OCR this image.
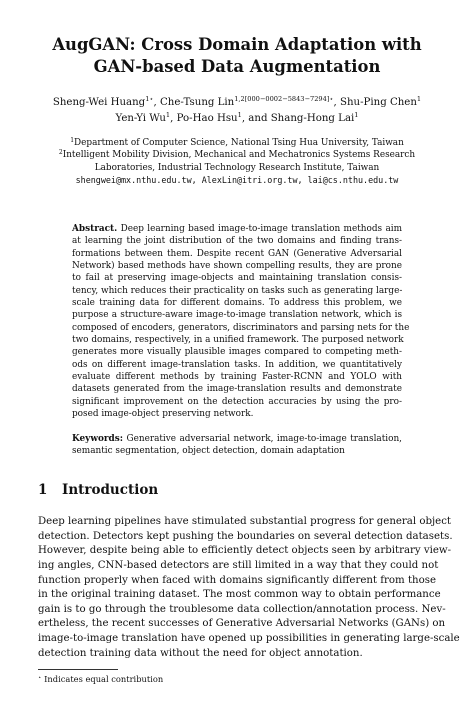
AugGAN: Cross Domain Adaptation with
GAN-based Data Augmentation
Sheng-Wei Huang$^{1⋆}$, Che-Tsung Lin$^{1,2[000-0002-5843-7294]⋆}$, Shu-Ping Chen$^1$
Yen-Yi Wu$^1$, Po-Hao Hsu$^1$, and Shang-Hong Lai$^1$
$^1$Department of Computer Science, National Tsing Hua University, Taiwan
$^2$Intelligent Mobility Division, Mechanical and Mechatronics Systems Research
Laboratories, Industrial Technology Research Institute, Taiwan
shengwei@mx.nthu.edu.tw, AlexLin@itri.org.tw, lai@cs.nthu.edu.tw
Abstract. Deep learning based image-to-image translation methods aim
at learning the joint distribution of the two domains and finding trans-
formations between them. Despite recent GAN (Generative Adversarial
Network) based methods have shown compelling results, they are prone
to fail at preserving image-objects and maintaining translation consis-
tency, which reduces their practicality on tasks such as generating large-
scale training data for different domains. To address this problem, we
purpose a structure-aware image-to-image translation network, which is
composed of encoders, generators, discriminators and parsing nets for the
two domains, respectively, in a unified framework. The purposed network
generates more visually plausible images compared to competing meth-
ods on different image-translation tasks. In addition, we quantitatively
evaluate different methods by training Faster-RCNN and YOLO with
datasets generated from the image-translation results and demonstrate
significant improvement on the detection accuracies by using the pro-
posed image-object preserving network.
Keywords: Generative adversarial network, image-to-image translation,
semantic segmentation, object detection, domain adaptation
1 Introduction
Deep learning pipelines have stimulated substantial progress for general object
detection. Detectors kept pushing the boundaries on several detection datasets.
However, despite being able to efficiently detect objects seen by arbitrary view-
ing angles, CNN-based detectors are still limited in a way that they could not
function properly when faced with domains significantly different from those
in the original training dataset. The most common way to obtain performance
gain is to go through the troublesome data collection/annotation process. Nev-
ertheless, the recent successes of Generative Adversarial Networks (GANs) on
image-to-image translation have opened up possibilities in generating large-scale
detection training data without the need for object annotation.
⋆ Indicates equal contribution
